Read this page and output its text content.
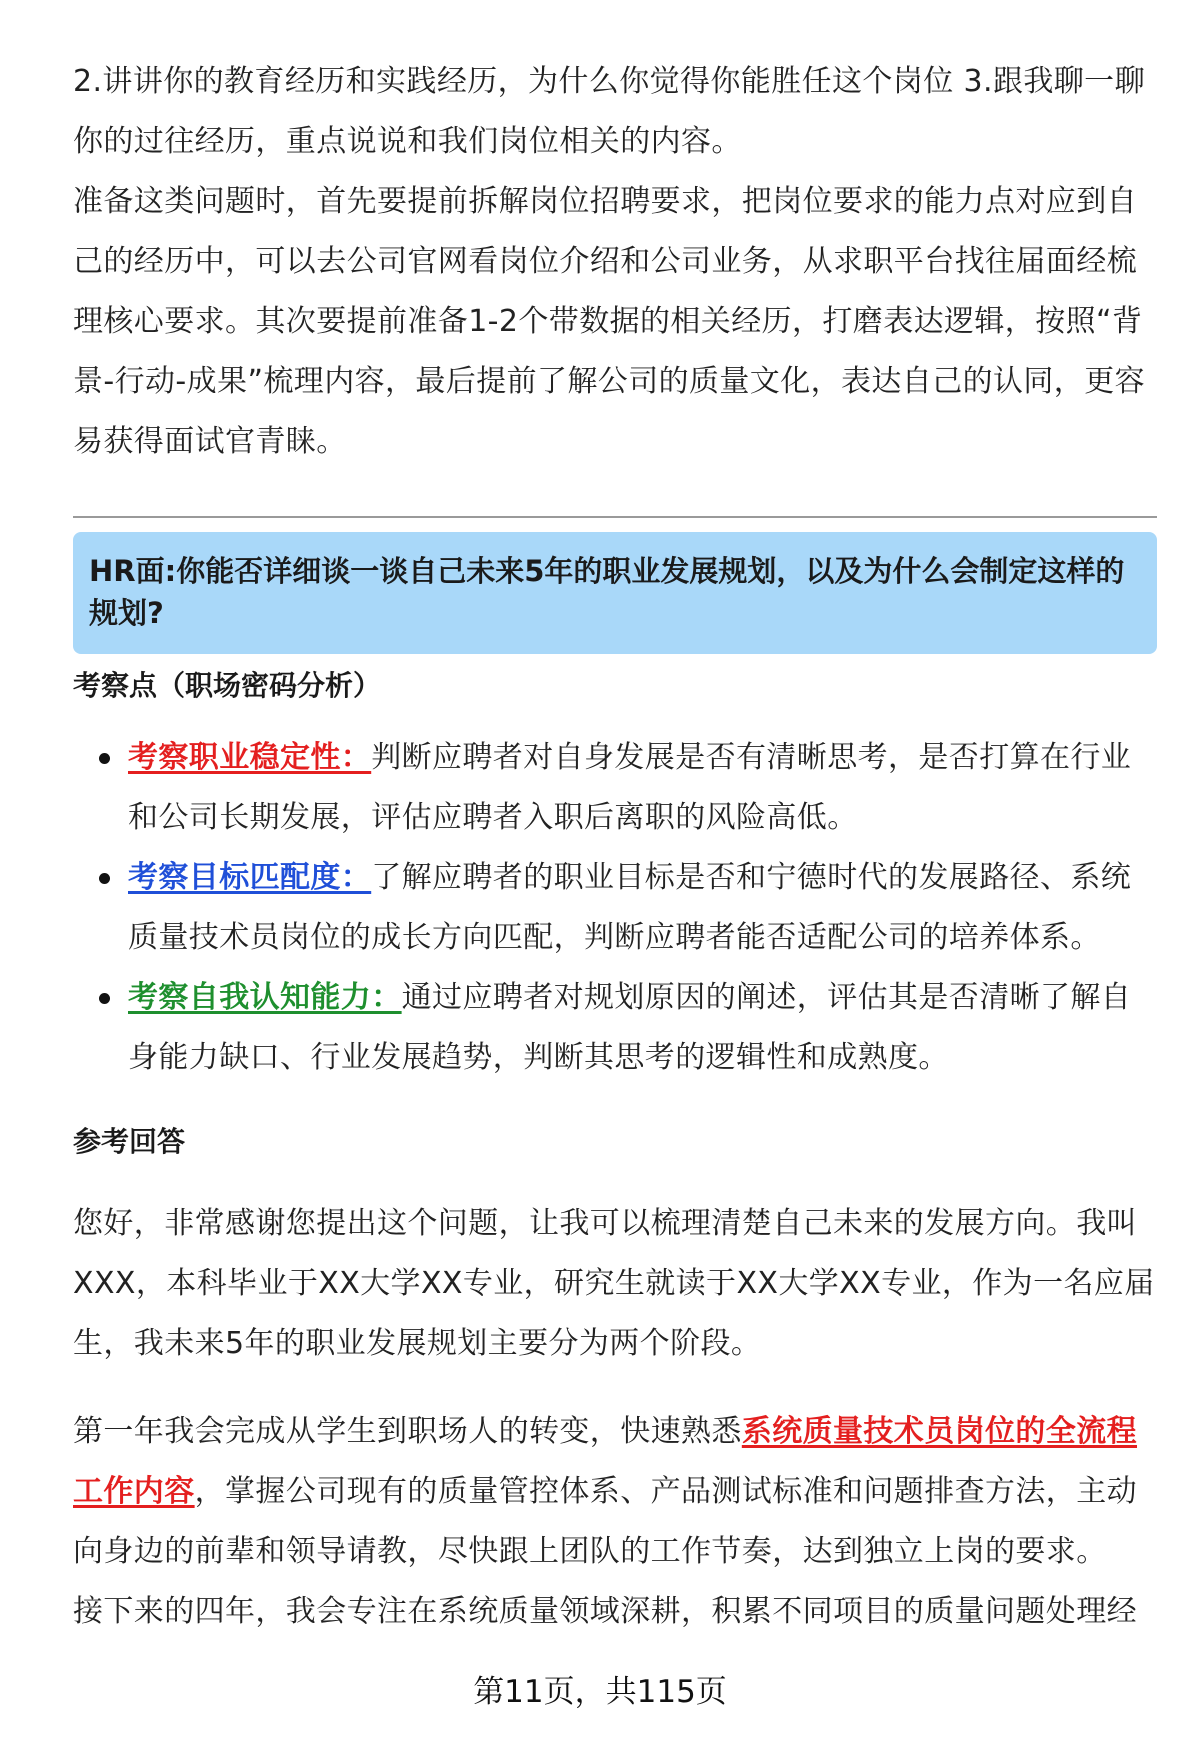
2.讲讲你的教育经历和实践经历，为什么你觉得你能胜任这个岗位 3.跟我聊一聊你的过往经历，重点说说和我们岗位相关的内容。

准备这类问题时，首先要提前拆解岗位招聘要求，把岗位要求的能力点对应到自己的经历中，可以去公司官网看岗位介绍和公司业务，从求职平台找往届面经梳理核心要求。其次要提前准备1-2个带数据的相关经历，打磨表达逻辑，按照“背景-行动-成果”梳理内容，最后提前了解公司的质量文化，表达自己的认同，更容易获得面试官青睐。

HR面:你能否详细谈一谈自己未来5年的职业发展规划，以及为什么会制定这样的规划?
考察点（职场密码分析）
考察职业稳定性：判断应聘者对自身发展是否有清晰思考，是否打算在行业和公司长期发展，评估应聘者入职后离职的风险高低。
考察目标匹配度：了解应聘者的职业目标是否和宁德时代的发展路径、系统质量技术员岗位的成长方向匹配，判断应聘者能否适配公司的培养体系。
考察自我认知能力：通过应聘者对规划原因的阐述，评估其是否清晰了解自身能力缺口、行业发展趋势，判断其思考的逻辑性和成熟度。
参考回答

您好，非常感谢您提出这个问题，让我可以梳理清楚自己未来的发展方向。我叫XXX，本科毕业于XX大学XX专业，研究生就读于XX大学XX专业，作为一名应届生，我未来5年的职业发展规划主要分为两个阶段。

第一年我会完成从学生到职场人的转变，快速熟悉系统质量技术员岗位的全流程工作内容，掌握公司现有的质量管控体系、产品测试标准和问题排查方法，主动向身边的前辈和领导请教，尽快跟上团队的工作节奏，达到独立上岗的要求。

接下来的四年，我会专注在系统质量领域深耕，积累不同项目的质量问题处理经

第11页，共115页
